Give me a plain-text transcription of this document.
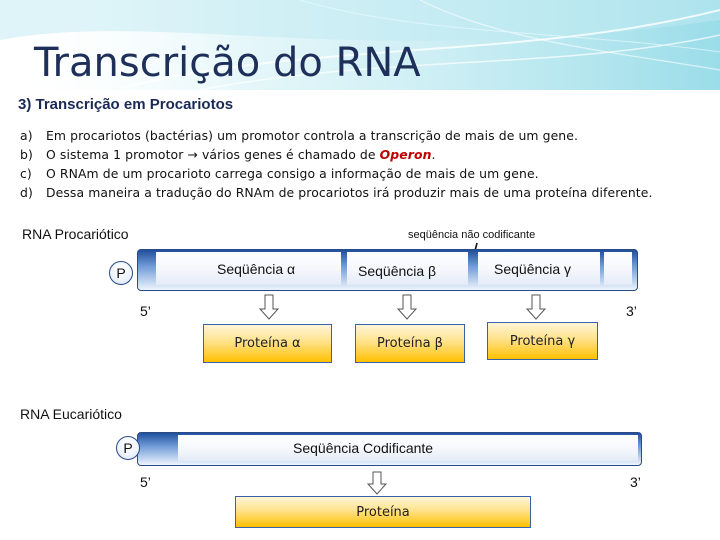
Transcrição do RNA
3) Transcrição em Procariotos
a)	Em procariotos (bactérias) um promotor controla a transcrição de mais de um gene.
b)	O sistema 1 promotor → vários genes é chamado de Operon.
c)	O RNAm de um procarioto carrega consigo a informação de mais de um gene.
d)	Dessa maneira a tradução do RNAm de procariotos irá produzir mais de uma proteína diferente.
RNA Procariótico	seqüência não codificante
Seqüência α	Seqüência β	Seqüência γ
P
5’	3’
Proteína α	Proteína β	Proteína γ
RNA Eucariótico
Seqüência Codificante
P
5’	3’
Proteína
